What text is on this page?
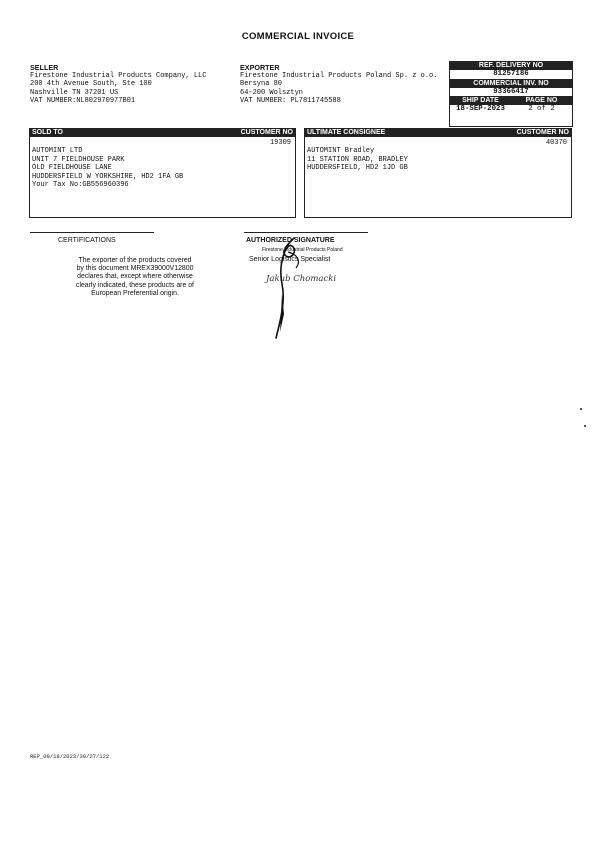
COMMERCIAL INVOICE
SELLER
Firestone Industrial Products Company, LLC
200 4th Avenue South, Ste 100
Nashville TN 37201 US
VAT NUMBER:NL802970977B01
EXPORTER
Firestone Industrial Products Poland Sp. z o.o.
Bersyna 80
64-200 Wolsztyn
VAT NUMBER: PL7811745588
REF. DELIVERY NO
81257186
COMMERCIAL INV. NO
93366417
SHIP DATE	PAGE NO
18-SEP-2023	2 of 2
SOLD TO	CUSTOMER NO
19309
AUTOMINT LTD
UNIT 7 FIELDHOUSE PARK
OLD FIELDHOUSE LANE
HUDDERSFIELD W YORKSHIRE, HD2 1FA GB
Your Tax No:GB556960396
ULTIMATE CONSIGNEE	CUSTOMER NO
40370
AUTOMINT Bradley
11 STATION ROAD, BRADLEY
HUDDERSFIELD, HD2 1JD GB
CERTIFICATIONS
The exporter of the products covered
by this document MREX39000V12800
declares that, except where otherwise
clearly indicated, these products are of
European Preferential origin.
AUTHORIZED SIGNATURE
Firestone Industrial Products Poland
Senior Logistics Specialist
Jakub Chomacki
REP_09/18/2023/39/27/122
